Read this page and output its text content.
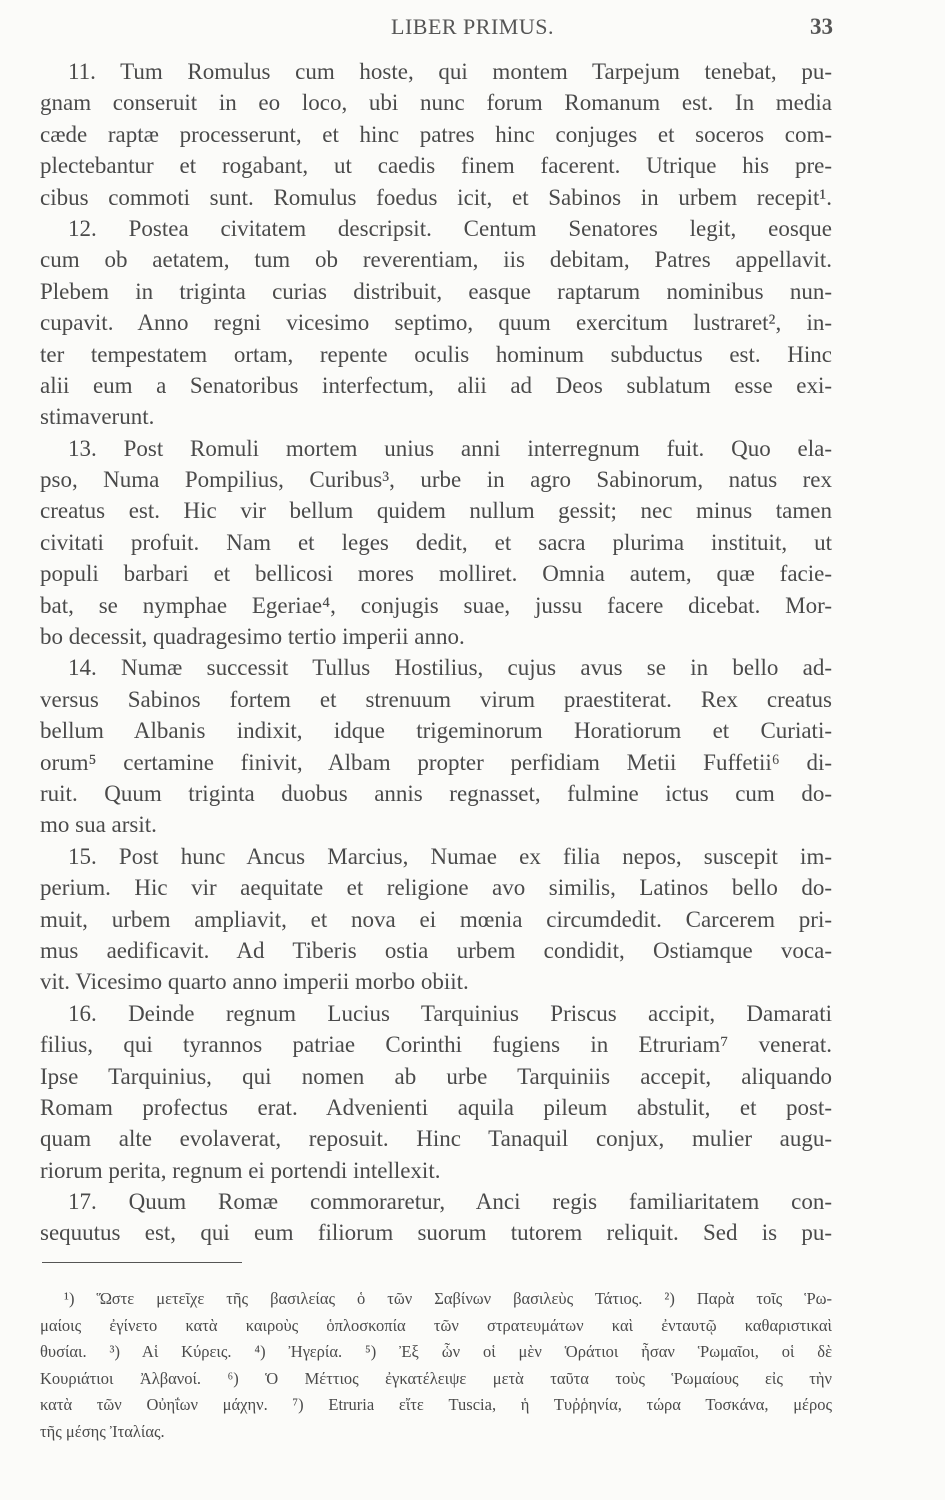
LIBER PRIMUS.	33
11. Tum Romulus cum hoste, qui montem Tarpejum tenebat, pu-
gnam conseruit in eo loco, ubi nunc forum Romanum est. In media
cæde raptæ processerunt, et hinc patres hinc conjuges et soceros com-
plectebantur et rogabant, ut caedis finem facerent. Utrique his pre-
cibus commoti sunt. Romulus foedus icit, et Sabinos in urbem recepit¹.
12. Postea civitatem descripsit. Centum Senatores legit, eosque
cum ob aetatem, tum ob reverentiam, iis debitam, Patres appellavit.
Plebem in triginta curias distribuit, easque raptarum nominibus nun-
cupavit. Anno regni vicesimo septimo, quum exercitum lustraret², in-
ter tempestatem ortam, repente oculis hominum subductus est. Hinc
alii eum a Senatoribus interfectum, alii ad Deos sublatum esse exi-
stimaverunt.
13. Post Romuli mortem unius anni interregnum fuit. Quo ela-
pso, Numa Pompilius, Curibus³, urbe in agro Sabinorum, natus rex
creatus est. Hic vir bellum quidem nullum gessit; nec minus tamen
civitati profuit. Nam et leges dedit, et sacra plurima instituit, ut
populi barbari et bellicosi mores molliret. Omnia autem, quæ facie-
bat, se nymphae Egeriae⁴, conjugis suae, jussu facere dicebat. Mor-
bo decessit, quadragesimo tertio imperii anno.
14. Numæ successit Tullus Hostilius, cujus avus se in bello ad-
versus Sabinos fortem et strenuum virum praestiterat. Rex creatus
bellum Albanis indixit, idque trigeminorum Horatiorum et Curiati-
orum⁵ certamine finivit, Albam propter perfidiam Metii Fuffetii⁶ di-
ruit. Quum triginta duobus annis regnasset, fulmine ictus cum do-
mo sua arsit.
15. Post hunc Ancus Marcius, Numae ex filia nepos, suscepit im-
perium. Hic vir aequitate et religione avo similis, Latinos bello do-
muit, urbem ampliavit, et nova ei mœnia circumdedit. Carcerem pri-
mus aedificavit. Ad Tiberis ostia urbem condidit, Ostiamque voca-
vit. Vicesimo quarto anno imperii morbo obiit.
16. Deinde regnum Lucius Tarquinius Priscus accipit, Damarati
filius, qui tyrannos patriae Corinthi fugiens in Etruriam⁷ venerat.
Ipse Tarquinius, qui nomen ab urbe Tarquiniis accepit, aliquando
Romam profectus erat. Advenienti aquila pileum abstulit, et post-
quam alte evolaverat, reposuit. Hinc Tanaquil conjux, mulier augu-
riorum perita, regnum ei portendi intellexit.
17. Quum Romæ commoraretur, Anci regis familiaritatem con-
sequutus est, qui eum filiorum suorum tutorem reliquit. Sed is pu-
¹) Ὥστε μετεῖχε τῆς βασιλείας ὁ τῶν Σαβίνων βασιλεὺς Τάτιος. ²) Παρὰ τοῖς Ῥω-
μαίοις ἐγίνετο κατὰ καιροὺς ὁπλοσκοπία τῶν στρατευμάτων καὶ ἐνταυτῷ καθαριστικαὶ
θυσίαι. ³) Αἱ Κύρεις. ⁴) Ἠγερία. ⁵) Ἐξ ὧν οἱ μὲν Ὁράτιοι ἦσαν Ῥωμαῖοι, οἱ δὲ
Κουριάτιοι Ἀλβανοί. ⁶) Ὁ Μέττιος ἐγκατέλειψε μετὰ ταῦτα τοὺς Ῥωμαίους εἰς τὴν
κατὰ τῶν Οὐηΐων μάχην. ⁷) Etruria εἴτε Tuscia, ἡ Τυῤῥηνία, τώρα Τοσκάνα, μέρος
τῆς μέσης Ἰταλίας.
